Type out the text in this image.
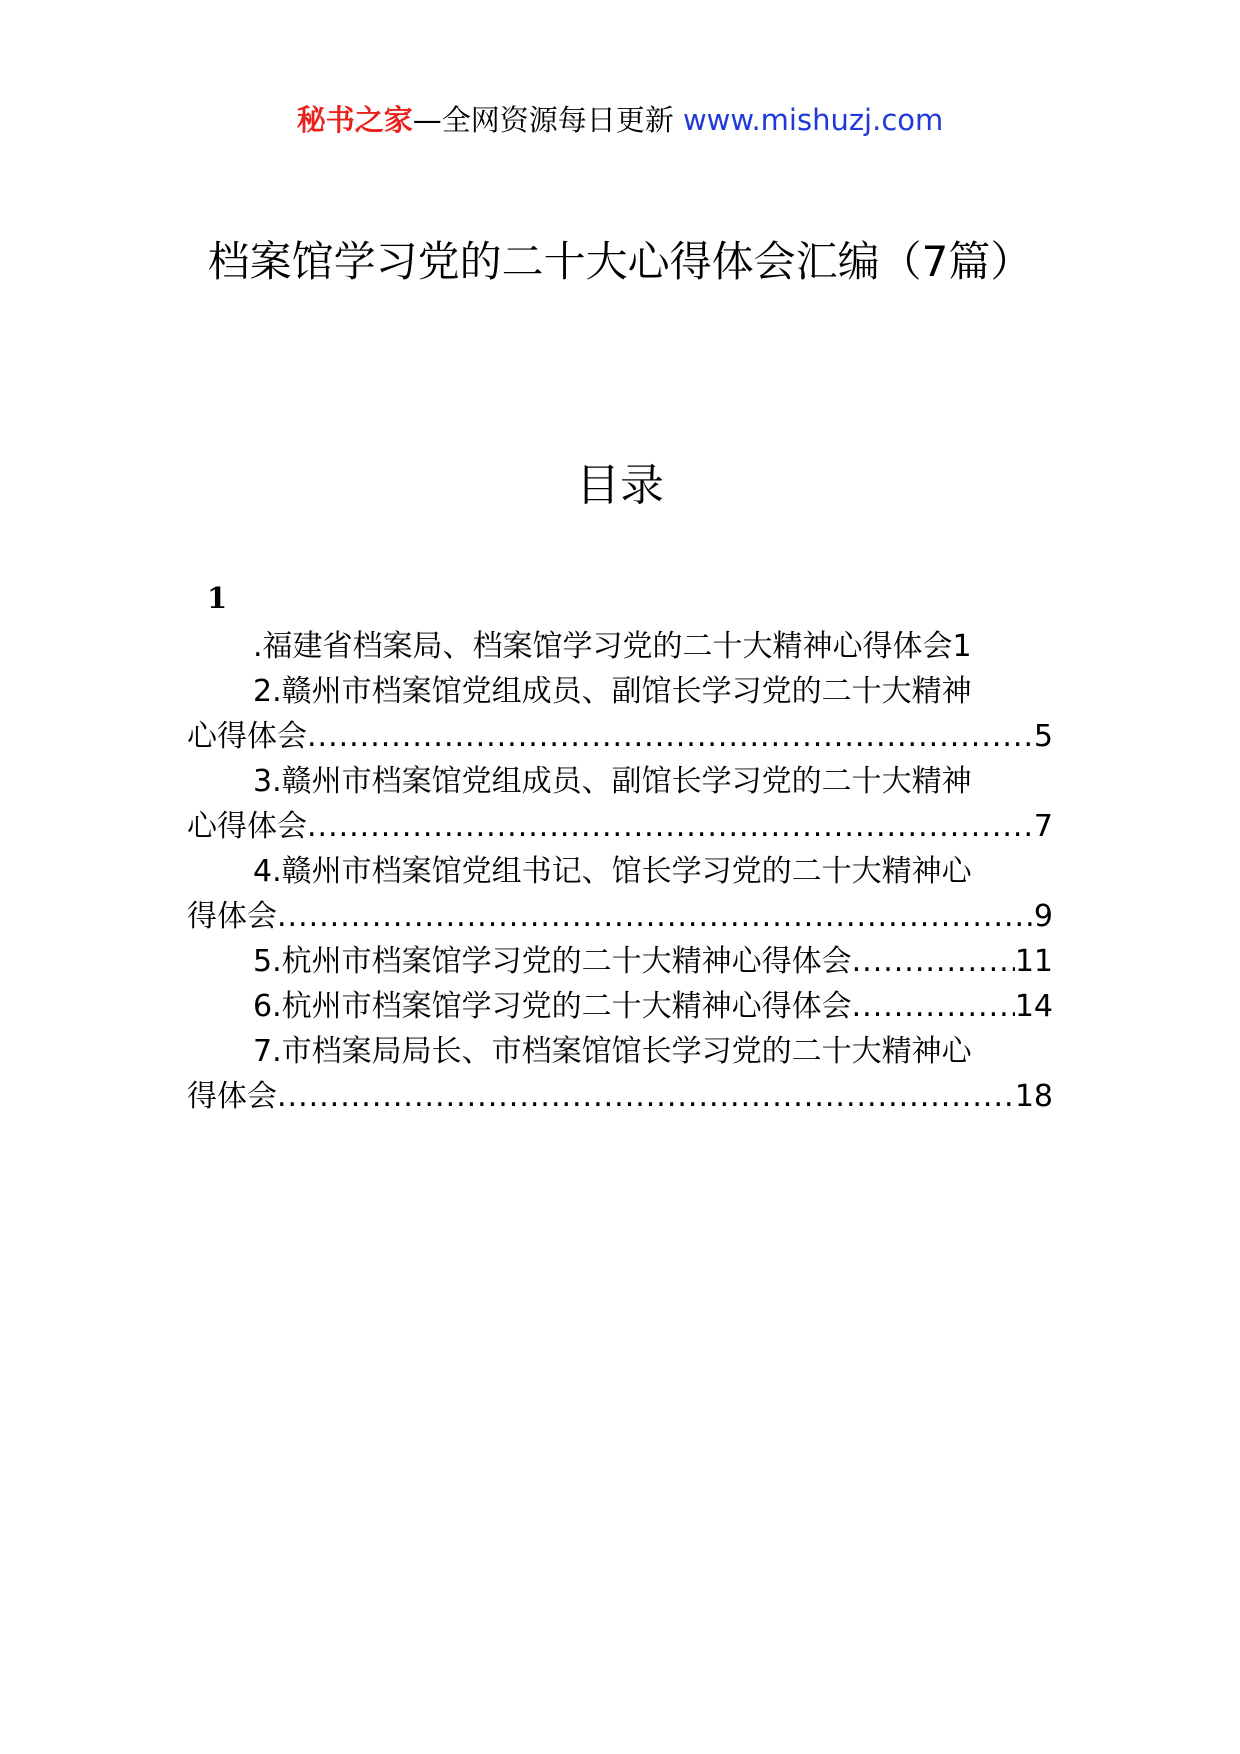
秘书之家—全网资源每日更新 www.mishuzj.com
档案馆学习党的二十大心得体会汇编（7篇）
目录
1
.福建省档案局、档案馆学习党的二十大精神心得体会 1
2.赣州市档案馆党组成员、副馆长学习党的二十大精神
心得体会 .....	5
3.赣州市档案馆党组成员、副馆长学习党的二十大精神
心得体会 .....	7
4.赣州市档案馆党组书记、馆长学习党的二十大精神心
得体会 .....	9
5.杭州市档案馆学习党的二十大精神心得体会 .....	11
6.杭州市档案馆学习党的二十大精神心得体会 .....	14
7.市档案局局长、市档案馆馆长学习党的二十大精神心
得体会 .....	18
